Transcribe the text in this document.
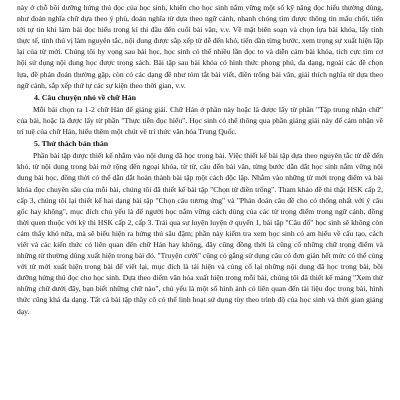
này ở chỗ bồi dưỡng hứng thú đọc của học sinh, khiến cho học sinh nắm vững một số kỹ năng đọc hiểu thường dùng, như đoán nghĩa chữ dựa theo ý phù, đoán nghĩa từ dựa theo ngữ cảnh, nhanh chóng tìm được thông tin mấu chốt, tiến tới tự tin khi làm bài đọc hiểu trong kì thi đầu đến cuối bài văn, v.v. Về mặt biên soạn và chọn lựa bài khóa, lấy tính thực tế, tính thú vị làm nguyên tắc, nội dung được sắp xếp từ dễ đến khó, tiến dần từng bước, xem trọng sự xuất hiện lặp lại của từ mới. Chúng tôi hy vọng sau bài học, học sinh có thể nhiều lần đọc to và diễn cảm bài khóa, tích cực tìm cơ hội sử dụng nội dung học được trong sách. Bài tập sau bài khóa có hình thức phong phú, đa dạng, ngoài các đề chọn lựa, đề phán đoán thường gặp, còn có các dạng đề như tóm tắt bài viết, điền trống bài văn, giải thích nghĩa từ dựa theo ngữ cảnh, sắp xếp thứ tự các sự kiện theo thời gian, v.v.

4. Câu chuyện nhỏ về chữ Hán

Mỗi bài chọn ra 1-2 chữ Hán để giảng giải. Chữ Hán ở phần này hoặc là được lấy từ phần "Tập trung nhận chữ" của bài, hoặc là được lấy từ phần "Thực tiễn đọc hiểu". Học sinh có thể thông qua phần giảng giải này để cảm nhận về trí tuệ của chữ Hán, hiểu thêm một chút về tri thức văn hóa Trung Quốc.

5. Thử thách bản thân

Phần bài tập được thiết kế nhằm vào nội dung đã học trong bài. Việc thiết kế bài tập dựa theo nguyên tắc từ dễ đến khó, từ nội dung trong bài mở rộng đến ngoại khóa, từ từ, câu đến bài văn, từng bước dẫn dắt học sinh nắm vững nội dung bài học, đồng thời có thể dẫn dắt hoàn thành bài tập một cách độc lập. Nhằm vào những từ mới trọng điểm và bài khóa đọc chuyên sâu của mỗi bài, chúng tôi đã thiết kế bài tập "Chọn từ điền trống". Tham khảo đề thi thật HSK cấp 2, cấp 3, chúng tôi lại thiết kế hai dạng bài tập "Chọn câu tương ứng" và "Phán đoán câu đề cho có thống nhất với ý câu gốc hay không", mục đích chủ yếu là để người học nắm vững cách dùng của các từ trọng điểm trong ngữ cảnh, đồng thời quen thuộc với kỳ thi HSK cấp 2, cấp 3. Trải qua sự luyện luyện ở quyển 1, bài tập "Câu đố" học sinh sẽ không còn cảm thấy khó nữa, mà sẽ biểu hiện ra hứng thú sâu đậm; phần này kiểm tra xem học sinh có am hiểu về cấu tạo, cách viết và các kiến thức có liên quan đến chữ Hán hay không, đây cũng đồng thời là cũng cố những chữ trọng điểm và những từ thường dùng xuất hiện trong bài đó. "Truyện cười" cũng có gắng sử dụng câu có đơn giản hết mức có thể cùng với từ mới xuất hiện trong bài để viết lại, mục đích là tái hiện và củng cố lại những nội dung đã học trong bài, bồi dưỡng hứng thú đọc cho học sinh. Dựa theo điểm văn hóa xuất hiện trong mỗi bài, chúng tôi đã thiết kế mảng "Xem thử những chữ dưới đây, bạn biết những chữ nào", chủ yếu là một số hình ảnh có liên quan đến tài liệu đọc trong bài, hình thức cũng khá đa dạng. Tất cả bài tập thầy cô có thể linh hoạt sử dụng tùy theo trình độ của học sinh và thời gian giảng dạy.
